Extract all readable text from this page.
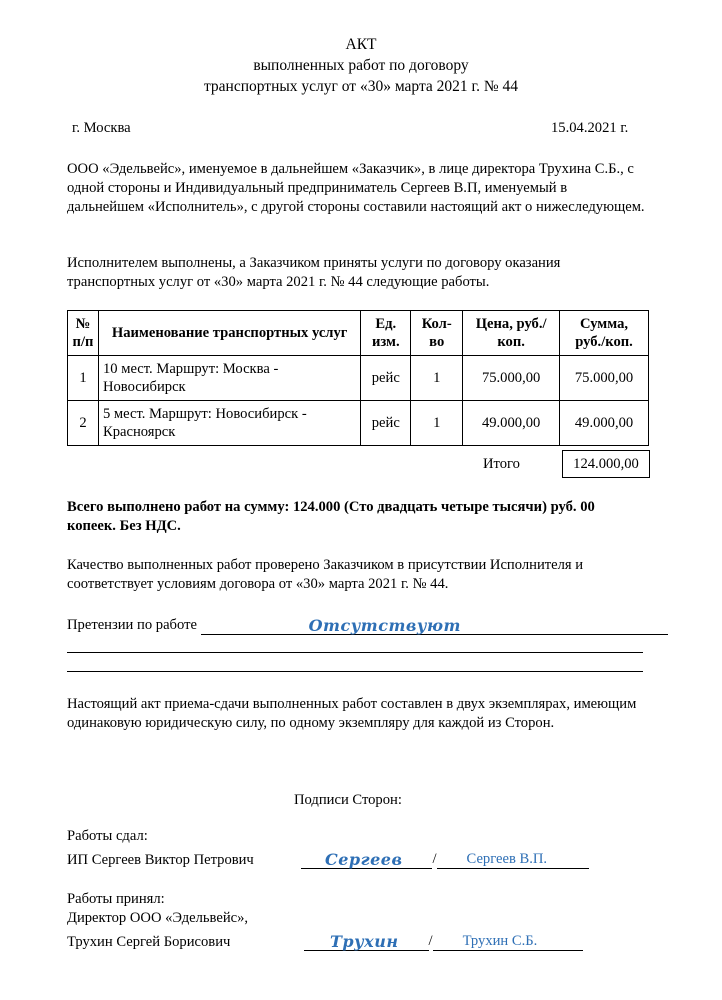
АКТ
выполненных работ по договору
транспортных услуг от «30» марта 2021 г. № 44
г. Москва	15.04.2021 г.
ООО «Эдельвейс», именуемое в дальнейшем «Заказчик», в лице директора Трухина С.Б., с одной стороны и Индивидуальный предприниматель Сергеев В.П, именуемый в дальнейшем «Исполнитель», с другой стороны составили настоящий акт о нижеследующем.
Исполнителем выполнены, а Заказчиком приняты услуги по договору оказания транспортных услуг от «30» марта 2021 г. № 44 следующие работы.
№ п/п	Наименование транспортных услуг	Ед. изм.	Кол-во	Цена, руб./коп.	Сумма, руб./коп.
1	10 мест. Маршрут: Москва - Новосибирск	рейс	1	75.000,00	75.000,00
2	5 мест. Маршрут: Новосибирск - Красноярск	рейс	1	49.000,00	49.000,00
Итого	124.000,00
Всего выполнено работ на сумму: 124.000 (Сто двадцать четыре тысячи) руб. 00 копеек. Без НДС.
Качество выполненных работ проверено Заказчиком в присутствии Исполнителя и соответствует условиям договора от «30» марта 2021 г. № 44.
Претензии по работе	Отсутствуют
Настоящий акт приема-сдачи выполненных работ составлен в двух экземплярах, имеющим одинаковую юридическую силу, по одному экземпляру для каждой из Сторон.
Подписи Сторон:
Работы сдал:
ИП Сергеев Виктор Петрович	Сергеев / Сергеев В.П.
Работы принял:
Директор ООО «Эдельвейс»,
Трухин Сергей Борисович	Трухин / Трухин С.Б.
